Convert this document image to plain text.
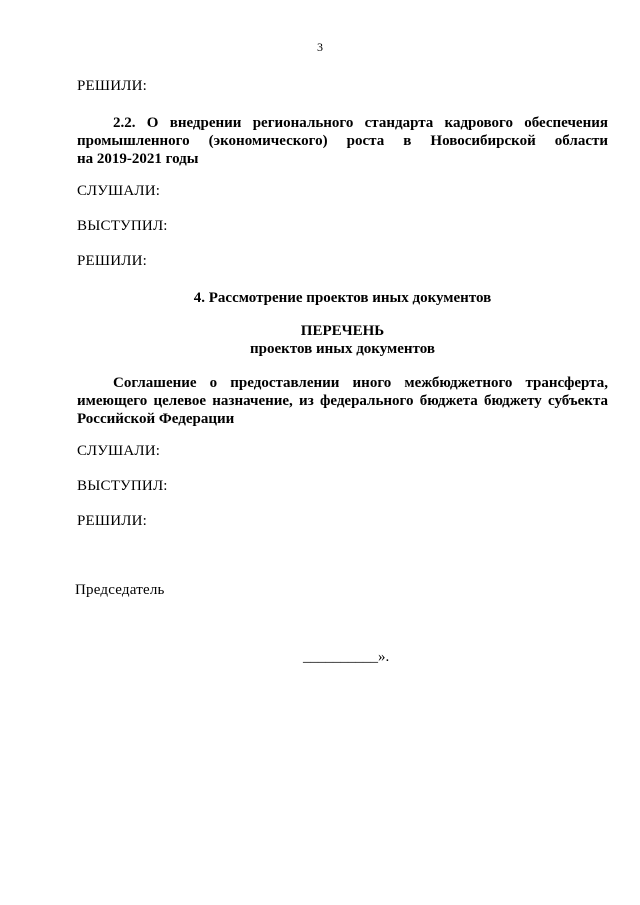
3
РЕШИЛИ:
2.2. О внедрении регионального стандарта кадрового обеспечения
промышленного (экономического) роста в Новосибирской области
на 2019-2021 годы
СЛУШАЛИ:
ВЫСТУПИЛ:
РЕШИЛИ:
4. Рассмотрение проектов иных документов
ПЕРЕЧЕНЬ
проектов иных документов
Соглашение о предоставлении иного межбюджетного трансферта,
имеющего целевое назначение, из федерального бюджета бюджету субъекта
Российской Федерации
СЛУШАЛИ:
ВЫСТУПИЛ:
РЕШИЛИ:
Председатель
__________».
